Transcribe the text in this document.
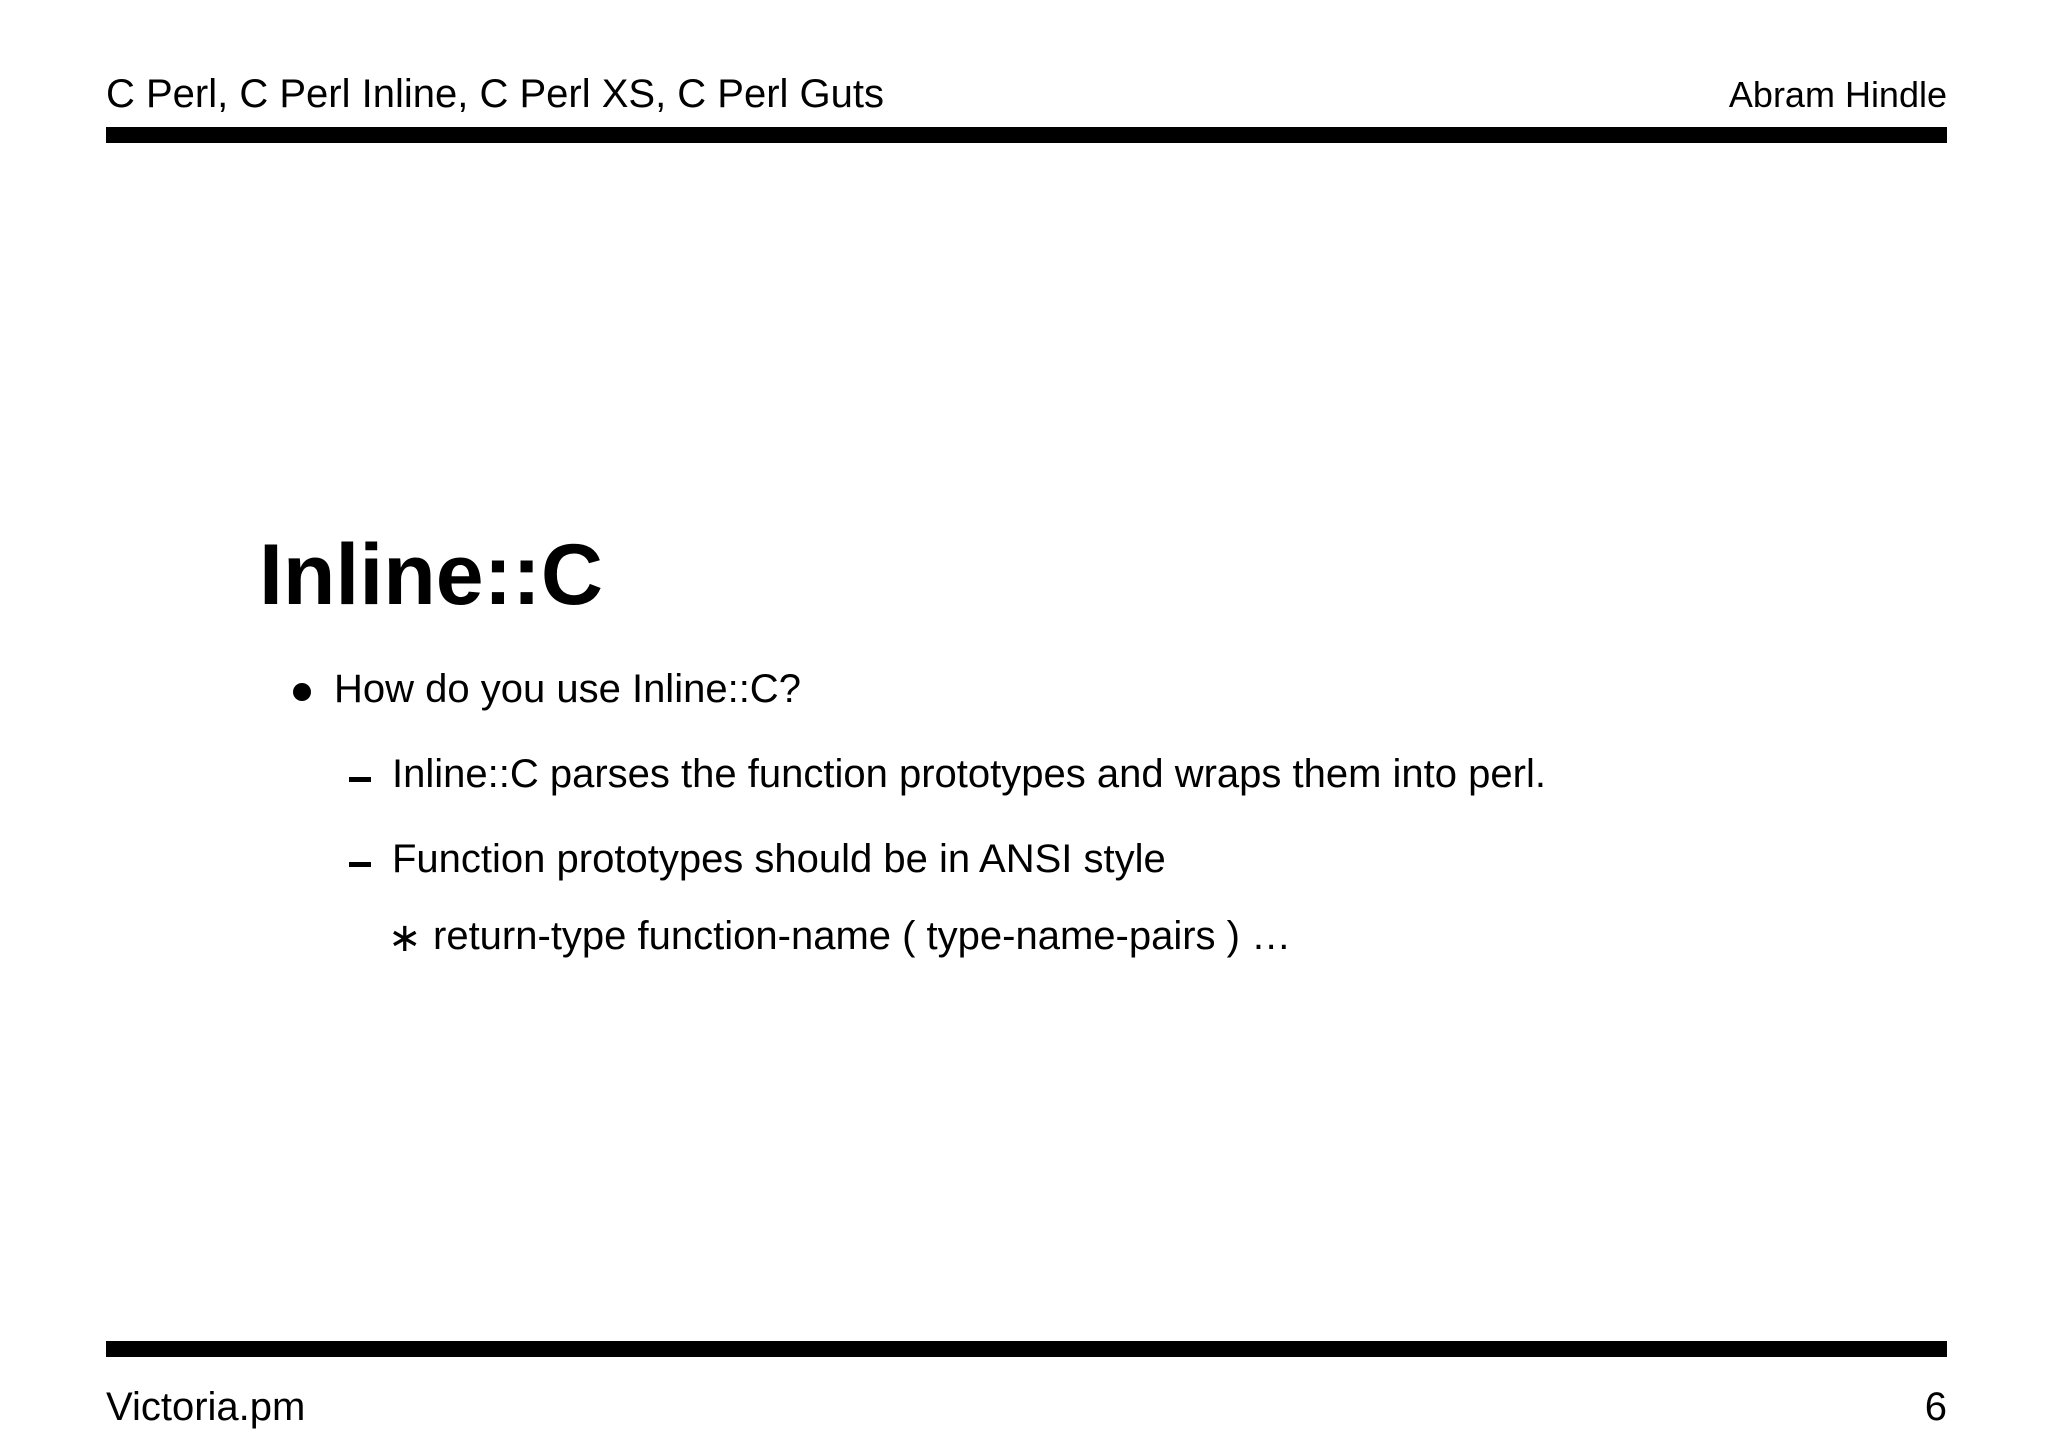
C Perl, C Perl Inline, C Perl XS, C Perl Guts	Abram Hindle
Inline::C
How do you use Inline::C?
Inline::C parses the function prototypes and wraps them into perl.
Function prototypes should be in ANSI style
∗ return-type function-name ( type-name-pairs ) …
Victoria.pm	6
